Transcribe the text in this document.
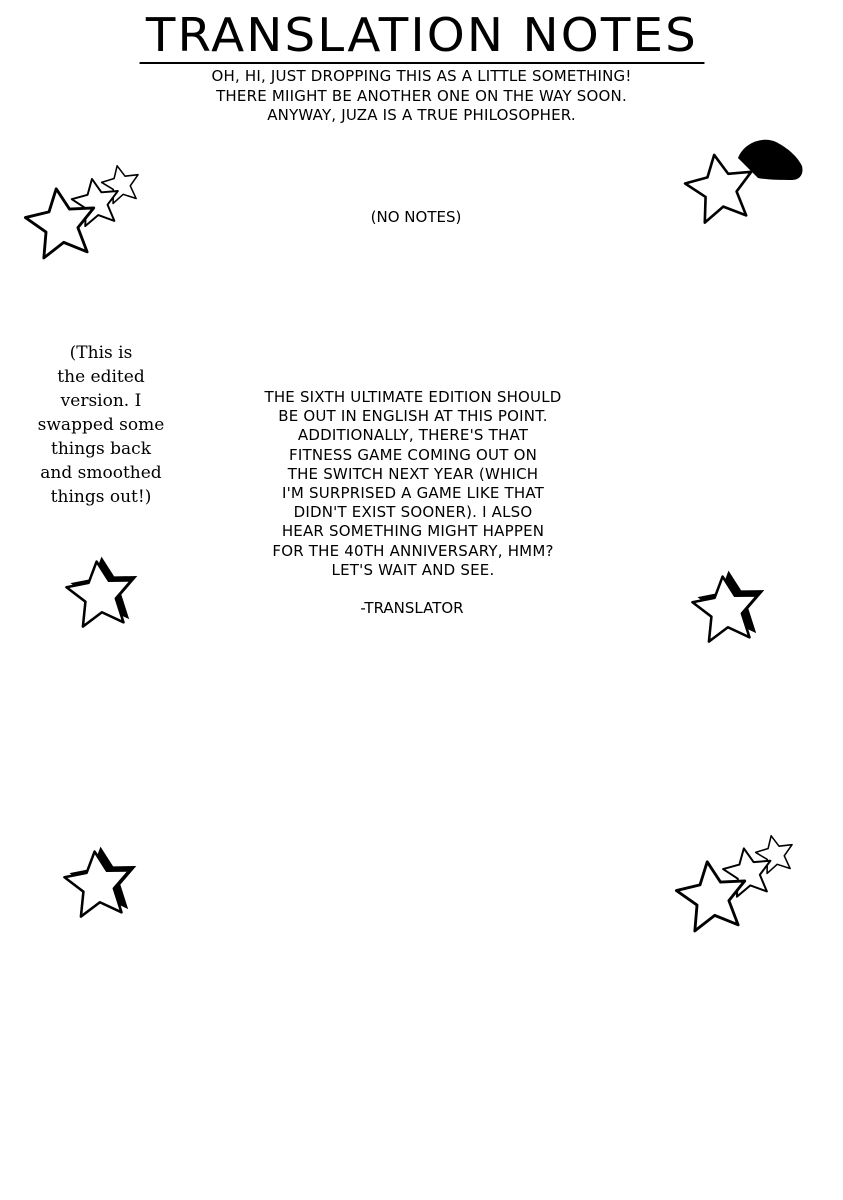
TRANSLATION NOTES
OH, HI, JUST DROPPING THIS AS A LITTLE SOMETHING!
THERE MIIGHT BE ANOTHER ONE ON THE WAY SOON.
ANYWAY, JUZA IS A TRUE PHILOSOPHER.
(NO NOTES)
(This is
the edited
version. I
swapped some
things back
and smoothed
things out!)
THE SIXTH ULTIMATE EDITION SHOULD
BE OUT IN ENGLISH AT THIS POINT.
ADDITIONALLY, THERE'S THAT
FITNESS GAME COMING OUT ON
THE SWITCH NEXT YEAR (WHICH
I'M SURPRISED A GAME LIKE THAT
DIDN'T EXIST SOONER). I ALSO
HEAR SOMETHING MIGHT HAPPEN
FOR THE 40TH ANNIVERSARY, HMM?
LET'S WAIT AND SEE.
-TRANSLATOR
